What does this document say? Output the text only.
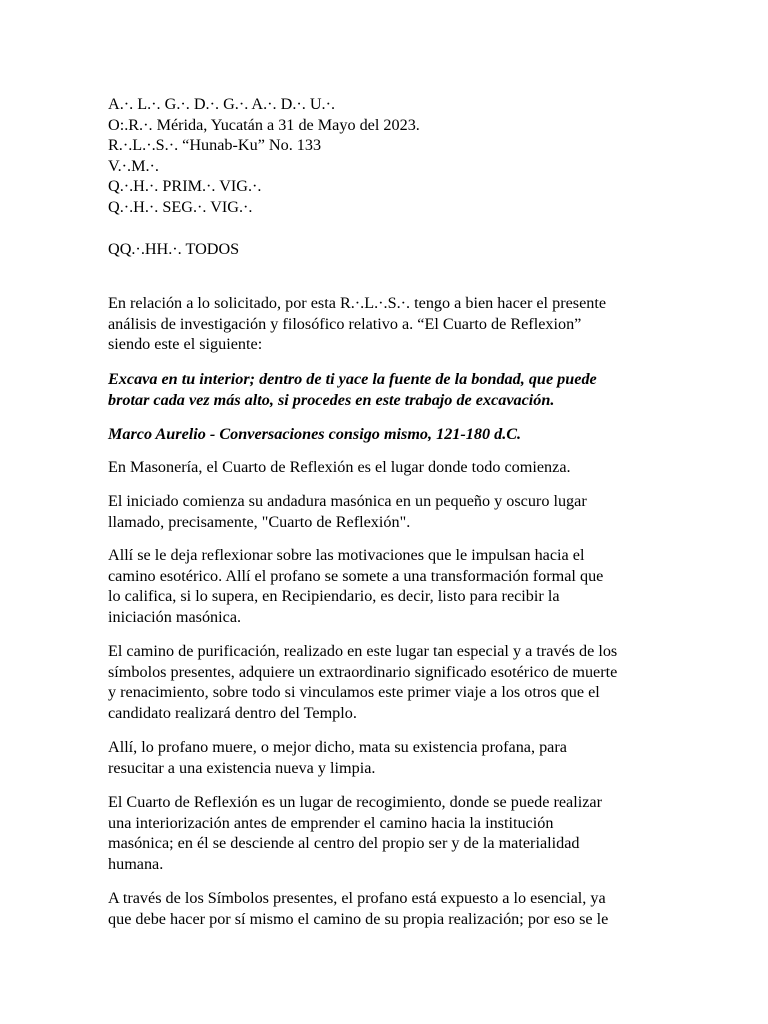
A.·. L.·. G.·. D.·. G.·. A.·. D.·. U.·.
O:.R.·. Mérida, Yucatán a 31 de Mayo del 2023.
R.·.L.·.S.·. “Hunab-Ku” No. 133
V.·.M.·.
Q.·.H.·. PRIM.·. VIG.·.
Q.·.H.·. SEG.·. VIG.·.
QQ.·.HH.·. TODOS
En relación a lo solicitado, por esta R.·.L.·.S.·. tengo a bien hacer el presente
análisis de investigación y filosófico relativo a. “El Cuarto de Reflexion”
siendo este el siguiente:
Excava en tu interior; dentro de ti yace la fuente de la bondad, que puede
brotar cada vez más alto, si procedes en este trabajo de excavación.
Marco Aurelio - Conversaciones consigo mismo, 121-180 d.C.
En Masonería, el Cuarto de Reflexión es el lugar donde todo comienza.
El iniciado comienza su andadura masónica en un pequeño y oscuro lugar
llamado, precisamente, "Cuarto de Reflexión".
Allí se le deja reflexionar sobre las motivaciones que le impulsan hacia el
camino esotérico. Allí el profano se somete a una transformación formal que
lo califica, si lo supera, en Recipiendario, es decir, listo para recibir la
iniciación masónica.
El camino de purificación, realizado en este lugar tan especial y a través de los
símbolos presentes, adquiere un extraordinario significado esotérico de muerte
y renacimiento, sobre todo si vinculamos este primer viaje a los otros que el
candidato realizará dentro del Templo.
Allí, lo profano muere, o mejor dicho, mata su existencia profana, para
resucitar a una existencia nueva y limpia.
El Cuarto de Reflexión es un lugar de recogimiento, donde se puede realizar
una interiorización antes de emprender el camino hacia la institución
masónica; en él se desciende al centro del propio ser y de la materialidad
humana.
A través de los Símbolos presentes, el profano está expuesto a lo esencial, ya
que debe hacer por sí mismo el camino de su propia realización; por eso se le
